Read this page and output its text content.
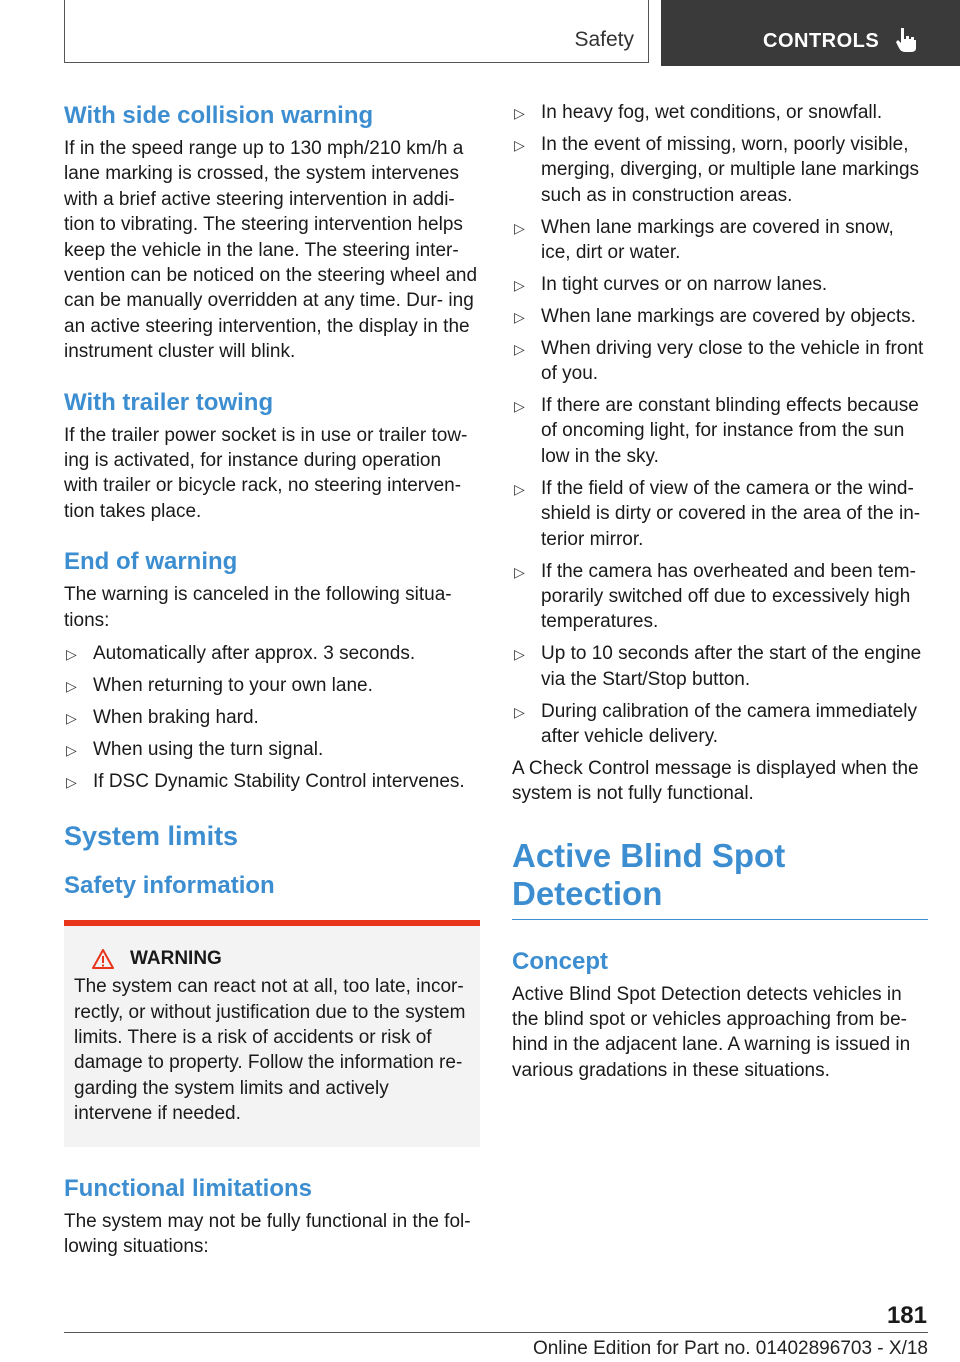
Safety	CONTROLS
With side collision warning

If in the speed range up to 130 mph/210 km/h a lane marking is crossed, the system intervenes with a brief active steering intervention in addi‐ tion to vibrating. The steering intervention helps keep the vehicle in the lane. The steering inter‐ vention can be noticed on the steering wheel and can be manually overridden at any time. Dur‐ ing an active steering intervention, the display in the instrument cluster will blink.

With trailer towing

If the trailer power socket is in use or trailer tow‐ ing is activated, for instance during operation with trailer or bicycle rack, no steering interven‐ tion takes place.

End of warning

The warning is canceled in the following situa‐ tions:

▷ Automatically after approx. 3 seconds.
▷ When returning to your own lane.
▷ When braking hard.
▷ When using the turn signal.
▷ If DSC Dynamic Stability Control intervenes.
System limits
Safety information
WARNING

The system can react not at all, too late, incor‐ rectly, or without justification due to the system limits. There is a risk of accidents or risk of damage to property. Follow the information re‐ garding the system limits and actively intervene if needed.

Functional limitations

The system may not be fully functional in the fol‐ lowing situations:

▷ In heavy fog, wet conditions, or snowfall.
▷ In the event of missing, worn, poorly visible, merging, diverging, or multiple lane markings such as in construction areas.
▷ When lane markings are covered in snow, ice, dirt or water.
▷ In tight curves or on narrow lanes.
▷ When lane markings are covered by objects.
▷ When driving very close to the vehicle in front of you.
▷ If there are constant blinding effects because of oncoming light, for instance from the sun low in the sky.
▷ If the field of view of the camera or the wind‐ shield is dirty or covered in the area of the in‐ terior mirror.
▷ If the camera has overheated and been tem‐ porarily switched off due to excessively high temperatures.
▷ Up to 10 seconds after the start of the engine via the Start/Stop button.
▷ During calibration of the camera immediately after vehicle delivery.

A Check Control message is displayed when the system is not fully functional.

Active Blind Spot Detection
Concept

Active Blind Spot Detection detects vehicles in the blind spot or vehicles approaching from be‐ hind in the adjacent lane. A warning is issued in various gradations in these situations.

181
Online Edition for Part no. 01402896703 - X/18
